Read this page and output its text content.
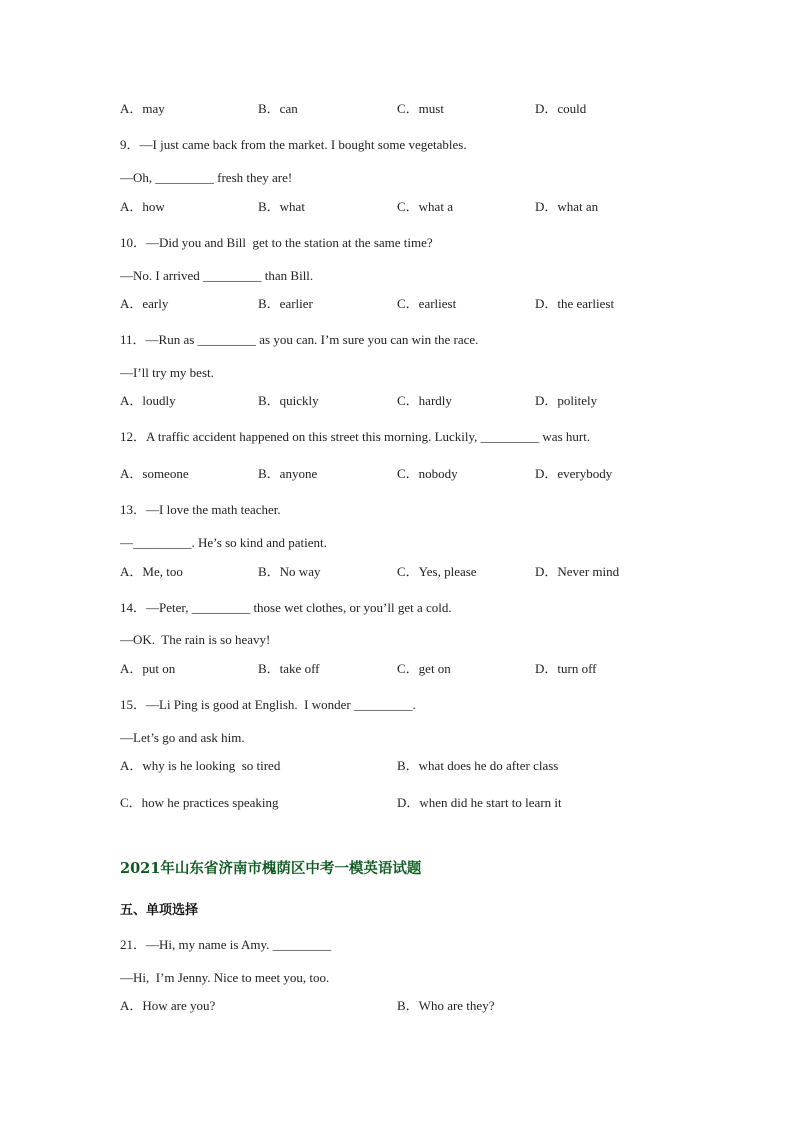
A．may	B．can	C．must	D．could
9．—I just came back from the market. I bought some vegetables.
—Oh, _________ fresh they are!
A．how	B．what	C．what a	D．what an
10．—Did you and Bill  get to the station at the same time?
—No. I arrived _________ than Bill.
A．early	B．earlier	C．earliest	D．the earliest
11．—Run as _________ as you can. I’m sure you can win the race.
—I’ll try my best.
A．loudly	B．quickly	C．hardly	D．politely
12．A traffic accident happened on this street this morning. Luckily, _________ was hurt.
A．someone	B．anyone	C．nobody	D．everybody
13．—I love the math teacher.
—_________. He’s so kind and patient.
A．Me, too	B．No way	C．Yes, please	D．Never mind
14．—Peter, _________ those wet clothes, or you’ll get a cold.
—OK.  The rain is so heavy!
A．put on	B．take off	C．get on	D．turn off
15．—Li Ping is good at English.  I wonder _________.
—Let’s go and ask him.
A．why is he looking  so tired	B．what does he do after class
C．how he practices speaking	D．when did he start to learn it
2021年山东省济南市槐荫区中考一模英语试题
五、单项选择
21．—Hi, my name is Amy. _________
—Hi,  I’m Jenny. Nice to meet you, too.
A．How are you?	B．Who are they?
